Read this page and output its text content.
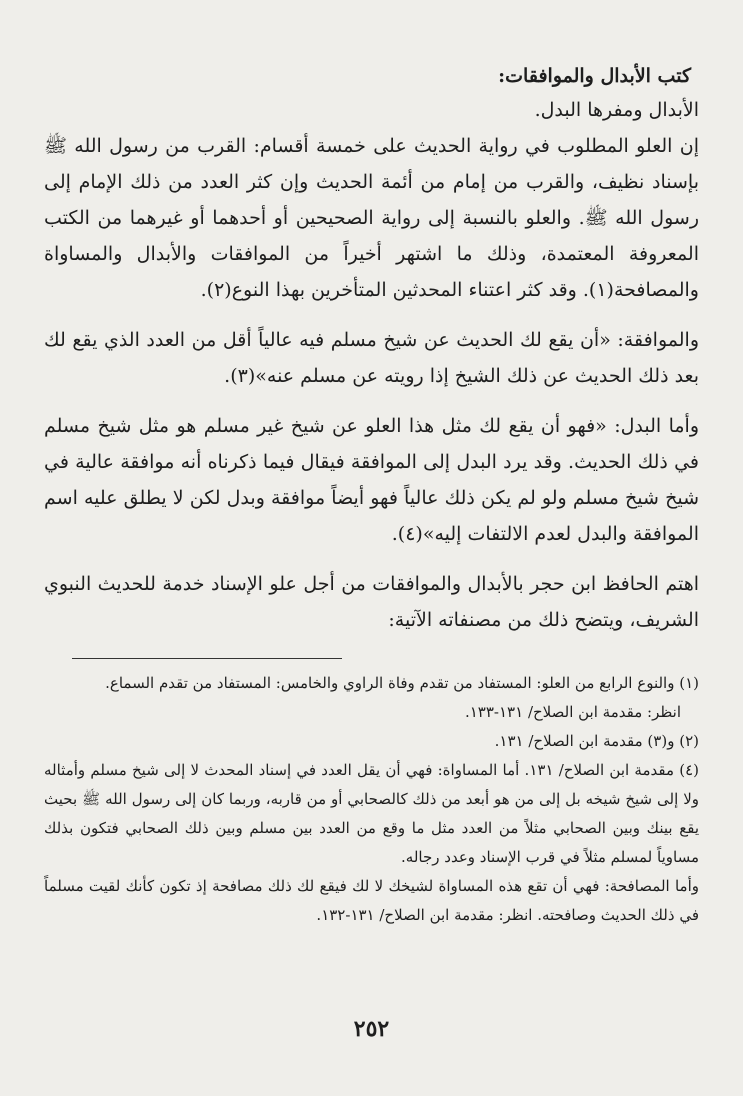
كتب الأبدال والموافقات:

الأبدال ومفرها البدل.

إن العلو المطلوب في رواية الحديث على خمسة أقسام: القرب من رسول الله ﷺ بإسناد نظيف، والقرب من إمام من أئمة الحديث وإن كثر العدد من ذلك الإمام إلى رسول الله ﷺ. والعلو بالنسبة إلى رواية الصحيحين أو أحدهما أو غيرهما من الكتب المعروفة المعتمدة، وذلك ما اشتهر أخيراً من الموافقات والأبدال والمساواة والمصافحة(١). وقد كثر اعتناء المحدثين المتأخرين بهذا النوع(٢).

والموافقة: «أن يقع لك الحديث عن شيخ مسلم فيه عالياً أقل من العدد الذي يقع لك بعد ذلك الحديث عن ذلك الشيخ إذا رويته عن مسلم عنه»(٣).

وأما البدل: «فهو أن يقع لك مثل هذا العلو عن شيخ غير مسلم هو مثل شيخ مسلم في ذلك الحديث. وقد يرد البدل إلى الموافقة فيقال فيما ذكرناه أنه موافقة عالية في شيخ شيخ مسلم ولو لم يكن ذلك عالياً فهو أيضاً موافقة وبدل لكن لا يطلق عليه اسم الموافقة والبدل لعدم الالتفات إليه»(٤).

اهتم الحافظ ابن حجر بالأبدال والموافقات من أجل علو الإسناد خدمة للحديث النبوي الشريف، ويتضح ذلك من مصنفاته الآتية:

(١) والنوع الرابع من العلو: المستفاد من تقدم وفاة الراوي والخامس: المستفاد من تقدم السماع.

انظر: مقدمة ابن الصلاح/ ١٣١-١٣٣.

(٢) و(٣) مقدمة ابن الصلاح/ ١٣١.

(٤) مقدمة ابن الصلاح/ ١٣١. أما المساواة: فهي أن يقل العدد في إسناد المحدث لا إلى شيخ مسلم وأمثاله ولا إلى شيخ شيخه بل إلى من هو أبعد من ذلك كالصحابي أو من قاربه، وربما كان إلى رسول الله ﷺ بحيث يقع بينك وبين الصحابي مثلاً من العدد مثل ما وقع من العدد بين مسلم وبين ذلك الصحابي فتكون بذلك مساوياً لمسلم مثلاً في قرب الإسناد وعدد رجاله.

وأما المصافحة: فهي أن تقع هذه المساواة لشيخك لا لك فيقع لك ذلك مصافحة إذ تكون كأنك لقيت مسلماً في ذلك الحديث وصافحته. انظر: مقدمة ابن الصلاح/ ١٣١-١٣٢.

٢٥٢
